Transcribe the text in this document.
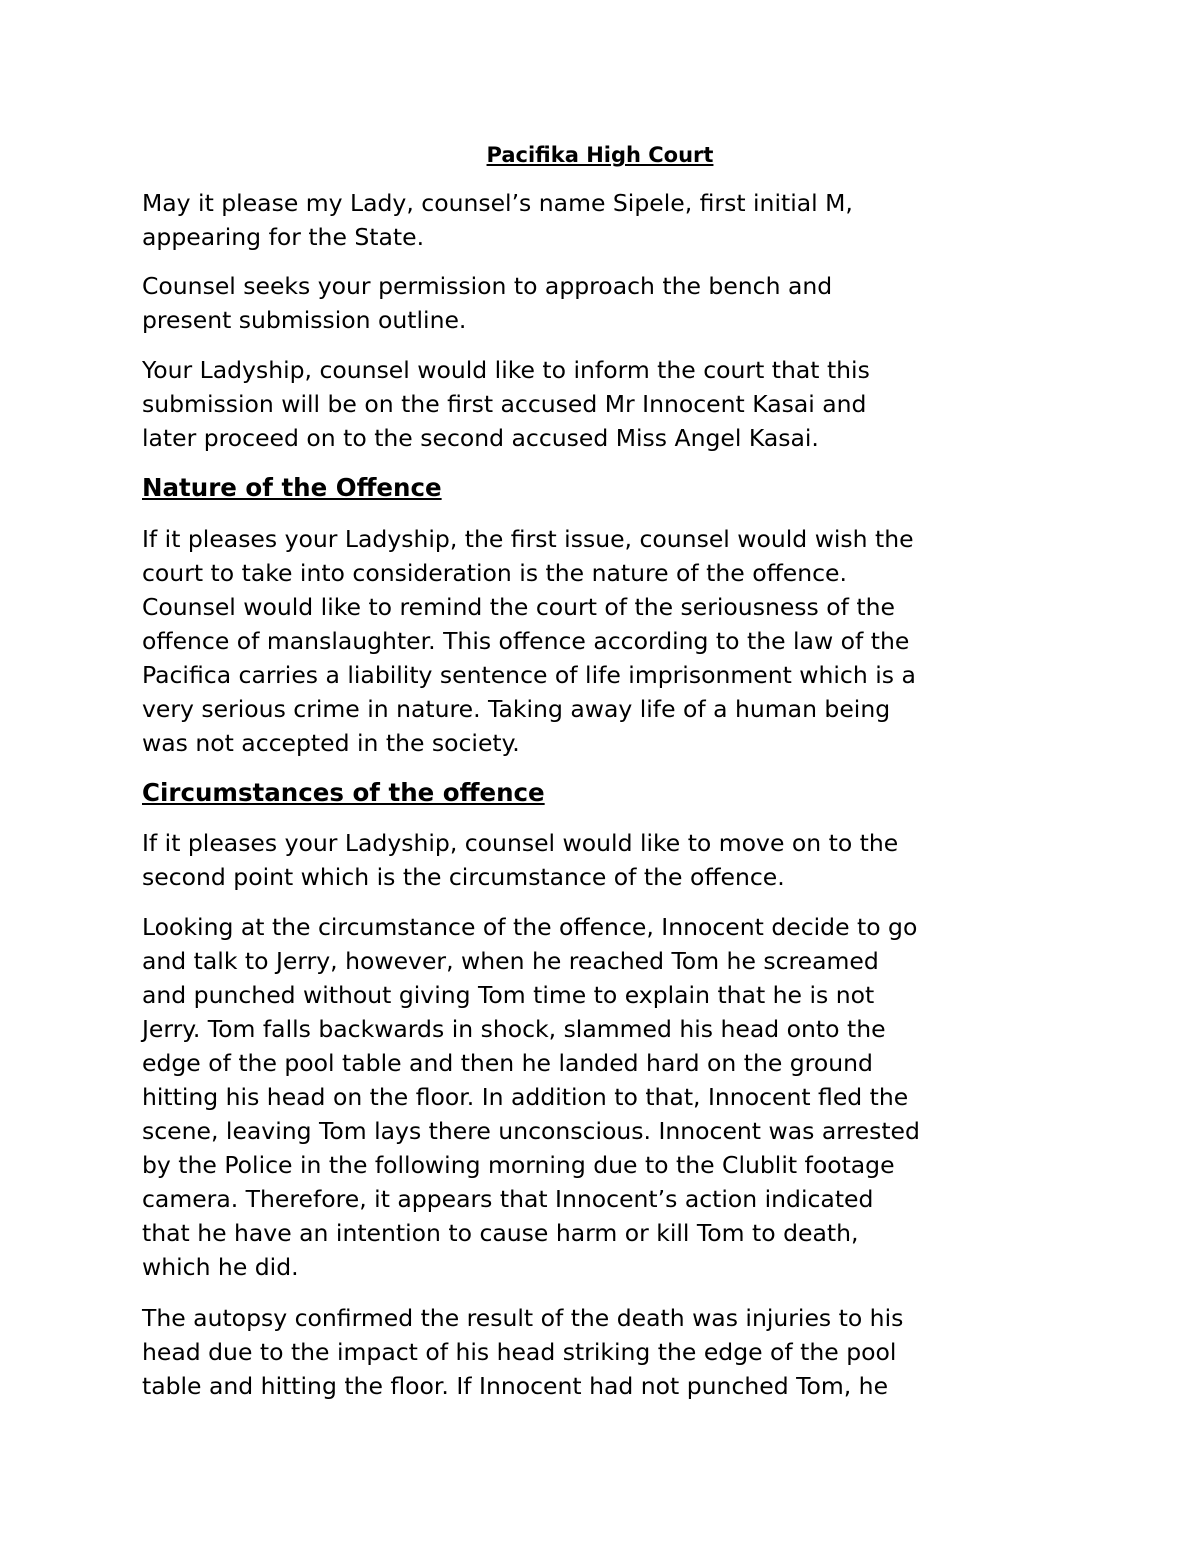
Pacifika High Court
May it please my Lady, counsel’s name Sipele, first initial M,
appearing for the State.
Counsel seeks your permission to approach the bench and
present submission outline.
Your Ladyship, counsel would like to inform the court that this
submission will be on the first accused Mr Innocent Kasai and
later proceed on to the second accused Miss Angel Kasai.
Nature of the Offence
If it pleases your Ladyship, the first issue, counsel would wish the
court to take into consideration is the nature of the offence.
Counsel would like to remind the court of the seriousness of the
offence of manslaughter. This offence according to the law of the
Pacifica carries a liability sentence of life imprisonment which is a
very serious crime in nature. Taking away life of a human being
was not accepted in the society.
Circumstances of the offence
If it pleases your Ladyship, counsel would like to move on to the
second point which is the circumstance of the offence.
Looking at the circumstance of the offence, Innocent decide to go
and talk to Jerry, however, when he reached Tom he screamed
and punched without giving Tom time to explain that he is not
Jerry. Tom falls backwards in shock, slammed his head onto the
edge of the pool table and then he landed hard on the ground
hitting his head on the floor. In addition to that, Innocent fled the
scene, leaving Tom lays there unconscious. Innocent was arrested
by the Police in the following morning due to the Clublit footage
camera. Therefore, it appears that Innocent’s action indicated
that he have an intention to cause harm or kill Tom to death,
which he did.
The autopsy confirmed the result of the death was injuries to his
head due to the impact of his head striking the edge of the pool
table and hitting the floor. If Innocent had not punched Tom, he
